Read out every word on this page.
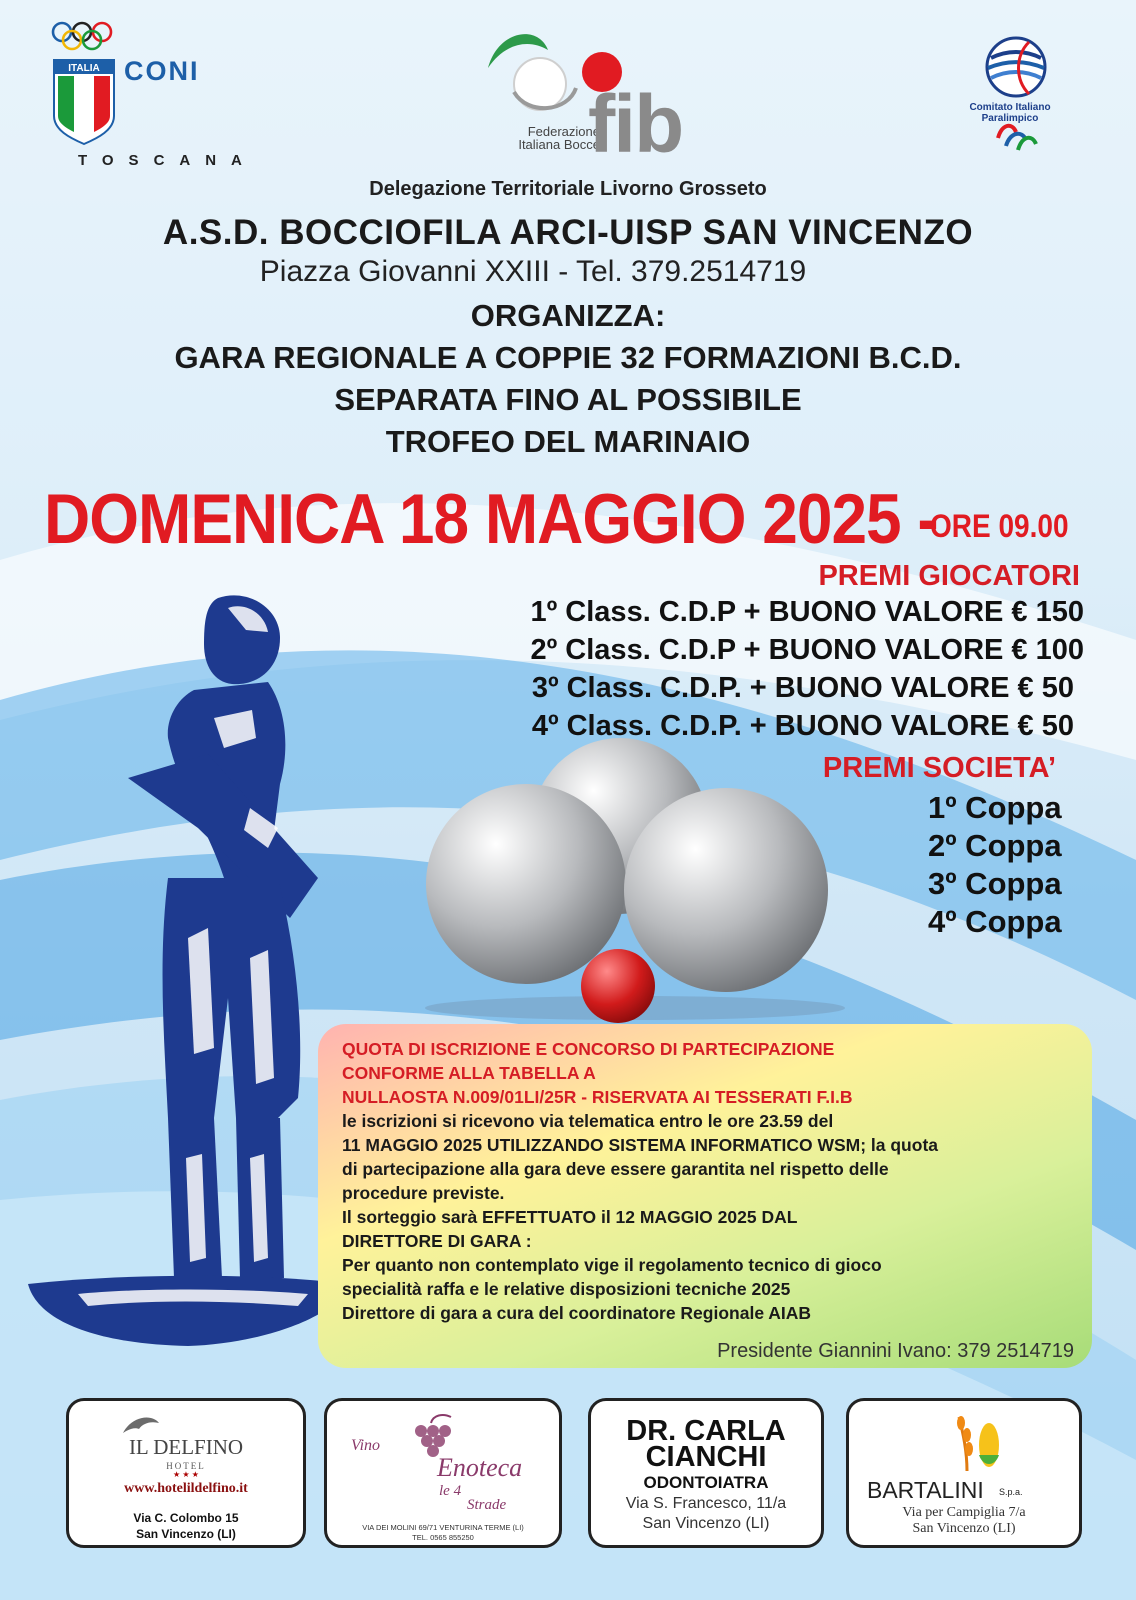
ITALIA CONI
TOSCANA
Federazione
Italiana Bocce
fib	Comitato Italiano Paralimpico
Delegazione Territoriale Livorno Grosseto
A.S.D. BOCCIOFILA ARCI-UISP SAN VINCENZO
Piazza Giovanni XXIII - Tel. 379.2514719
ORGANIZZA:
GARA REGIONALE A COPPIE 32 FORMAZIONI B.C.D.
SEPARATA FINO AL POSSIBILE
TROFEO DEL MARINAIO
DOMENICA 18 MAGGIO 2025 -
ORE 09.00
PREMI GIOCATORI
1º Class. C.D.P + BUONO VALORE € 150
2º Class. C.D.P + BUONO VALORE € 100
3º Class. C.D.P. + BUONO VALORE € 50
4º Class. C.D.P. + BUONO VALORE € 50
PREMI SOCIETA’
1º Coppa
2º Coppa
3º Coppa
4º Coppa
QUOTA DI ISCRIZIONE E CONCORSO DI PARTECIPAZIONE
CONFORME ALLA TABELLA A
NULLAOSTA N.009/01LI/25R - RISERVATA AI TESSERATI F.I.B
le iscrizioni si ricevono via telematica entro le ore 23.59 del
11 MAGGIO 2025 UTILIZZANDO SISTEMA INFORMATICO WSM; la quota
di partecipazione alla gara deve essere garantita nel rispetto delle
procedure previste.
Il sorteggio sarà EFFETTUATO il 12 MAGGIO 2025 DAL
DIRETTORE DI GARA :
Per quanto non contemplato vige il regolamento tecnico di gioco
specialità raffa e le relative disposizioni tecniche 2025
Direttore di gara a cura del coordinatore Regionale AIAB
Presidente Giannini Ivano: 379 2514719
IL DELFINO
HOTEL
★ ★ ★
www.hotelildelfino.it
Via C. Colombo 15
San Vincenzo (LI)
Vino
Enoteca
le 4
Strade
VIA DEI MOLINI 69/71 VENTURINA TERME (LI)
TEL. 0565 855250
DR. CARLA
CIANCHI
ODONTOIATRA
Via S. Francesco, 11/a
San Vincenzo (LI)
BARTALINI S.p.a.
Via per Campiglia 7/a
San Vincenzo (LI)
